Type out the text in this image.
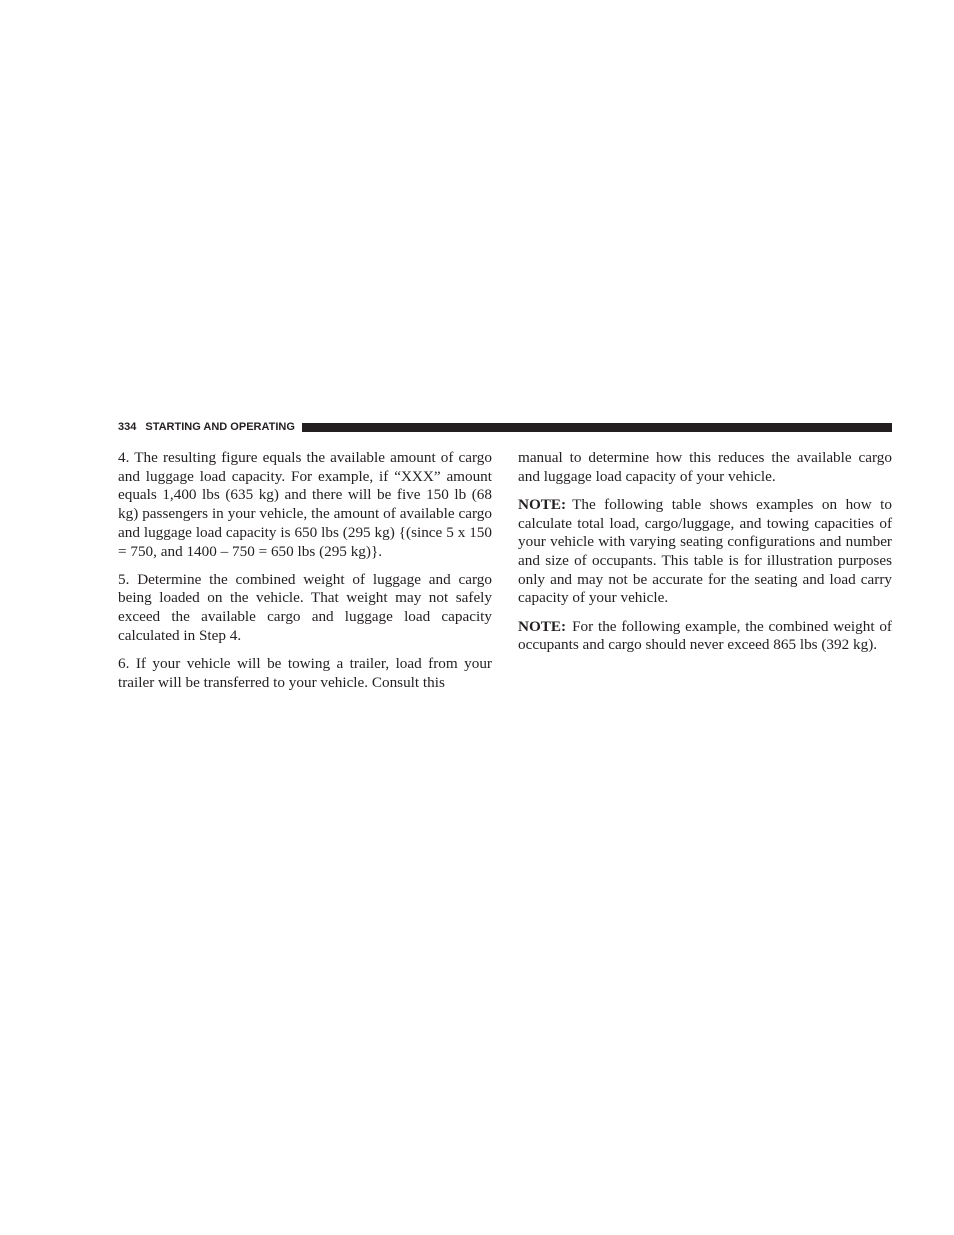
334 STARTING AND OPERATING

4. The resulting figure equals the available amount of cargo and luggage load capacity. For example, if “XXX” amount equals 1,400 lbs (635 kg) and there will be five 150 lb (68 kg) passengers in your vehicle, the amount of available cargo and luggage load capacity is 650 lbs (295 kg) {(since 5 x 150 = 750, and 1400 – 750 = 650 lbs (295 kg)}.

5. Determine the combined weight of luggage and cargo being loaded on the vehicle. That weight may not safely exceed the available cargo and luggage load capacity calculated in Step 4.

6. If your vehicle will be towing a trailer, load from your trailer will be transferred to your vehicle. Consult this

manual to determine how this reduces the available cargo and luggage load capacity of your vehicle.

NOTE: The following table shows examples on how to calculate total load, cargo/luggage, and towing capacities of your vehicle with varying seating configurations and number and size of occupants. This table is for illustration purposes only and may not be accurate for the seating and load carry capacity of your vehicle.

NOTE: For the following example, the combined weight of occupants and cargo should never exceed 865 lbs (392 kg).
